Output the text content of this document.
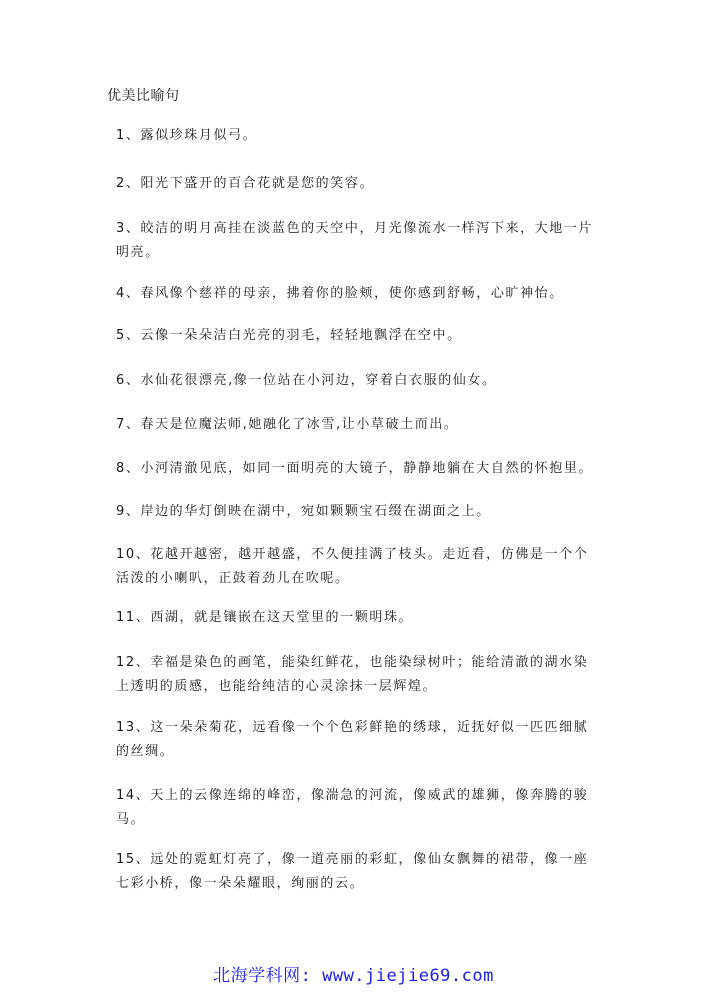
优美比喻句
1、露似珍珠月似弓。
2、阳光下盛开的百合花就是您的笑容。
3、皎洁的明月高挂在淡蓝色的天空中，月光像流水一样泻下来，大地一片明亮。
4、春风像个慈祥的母亲，拂着你的脸颊，使你感到舒畅，心旷神怡。
5、云像一朵朵洁白光亮的羽毛，轻轻地飘浮在空中。
6、水仙花很漂亮,像一位站在小河边，穿着白衣服的仙女。
7、春天是位魔法师,她融化了冰雪,让小草破土而出。
8、小河清澈见底，如同一面明亮的大镜子，静静地躺在大自然的怀抱里。
9、岸边的华灯倒映在湖中，宛如颗颗宝石缀在湖面之上。
10、花越开越密，越开越盛，不久便挂满了枝头。走近看，仿佛是一个个活泼的小喇叭，正鼓着劲儿在吹呢。
11、西湖，就是镶嵌在这天堂里的一颗明珠。
12、幸福是染色的画笔，能染红鲜花，也能染绿树叶；能给清澈的湖水染上透明的质感，也能给纯洁的心灵涂抹一层辉煌。
13、这一朵朵菊花，远看像一个个色彩鲜艳的绣球，近抚好似一匹匹细腻的丝绸。
14、天上的云像连绵的峰峦，像湍急的河流，像威武的雄狮，像奔腾的骏马。
15、远处的霓虹灯亮了，像一道亮丽的彩虹，像仙女飘舞的裙带，像一座七彩小桥，像一朵朵耀眼，绚丽的云。
北海学科网: www.jiejie69.com
